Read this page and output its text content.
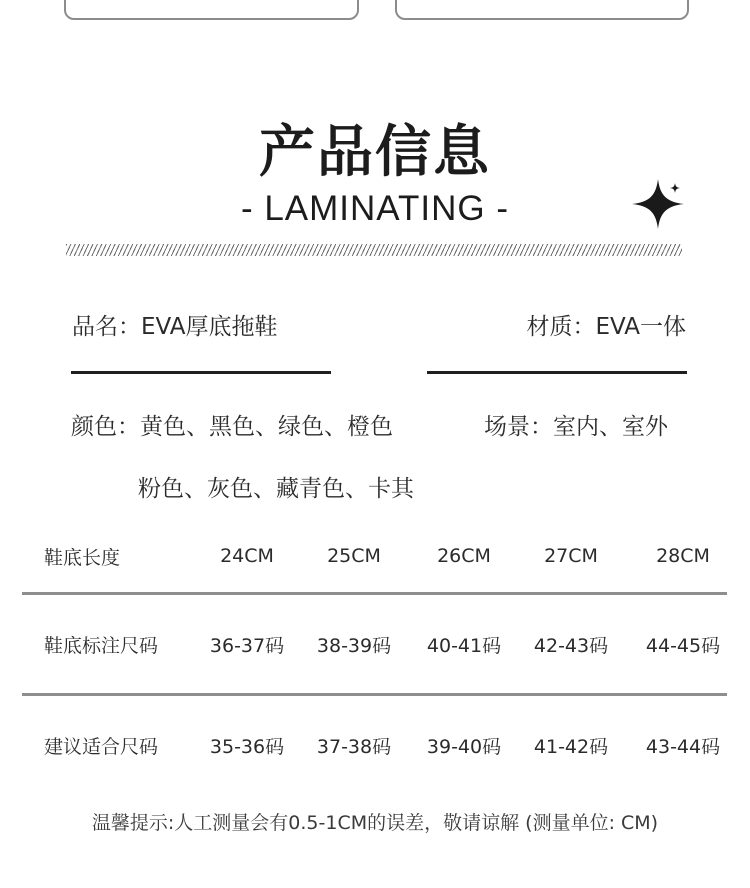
产品信息
- LAMINATING -
品名：EVA厚底拖鞋	材质：EVA一体
颜色：黄色、黑色、绿色、橙色
粉色、灰色、藏青色、卡其
场景：室内、室外
鞋底长度	24CM	25CM	26CM	27CM	28CM
鞋底标注尺码	36-37码	38-39码	40-41码	42-43码	44-45码
建议适合尺码	35-36码	37-38码	39-40码	41-42码	43-44码
温馨提示:人工测量会有0.5-1CM的误差，敬请谅解 (测量单位: CM)
